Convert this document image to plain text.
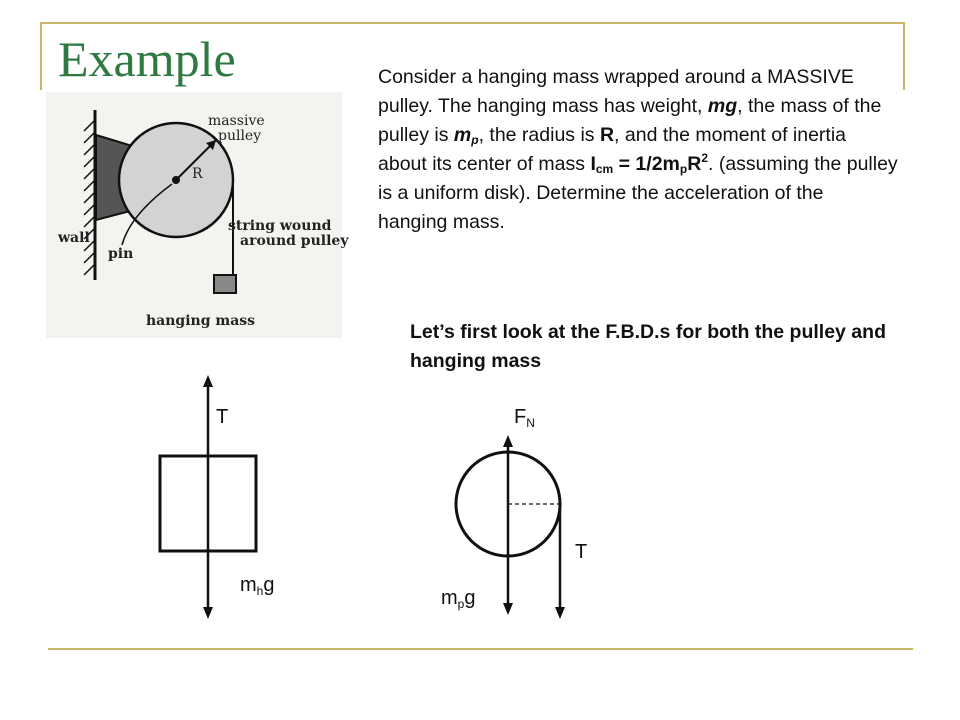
Example
massive
pulley
R
string wound
around pulley
wall
pin
hanging mass
Consider a hanging mass wrapped around a MASSIVE pulley. The hanging mass has weight, mg, the mass of the pulley is $m_p$, the radius is R, and the moment of inertia about its center of mass $I_{cm} = 1/2m_pR^2$. (assuming the pulley is a uniform disk). Determine the acceleration of the hanging mass.
Let’s first look at the F.B.D.s for both the pulley and hanging mass
T
$m_hg$
$F_N$
T
$m_pg$
